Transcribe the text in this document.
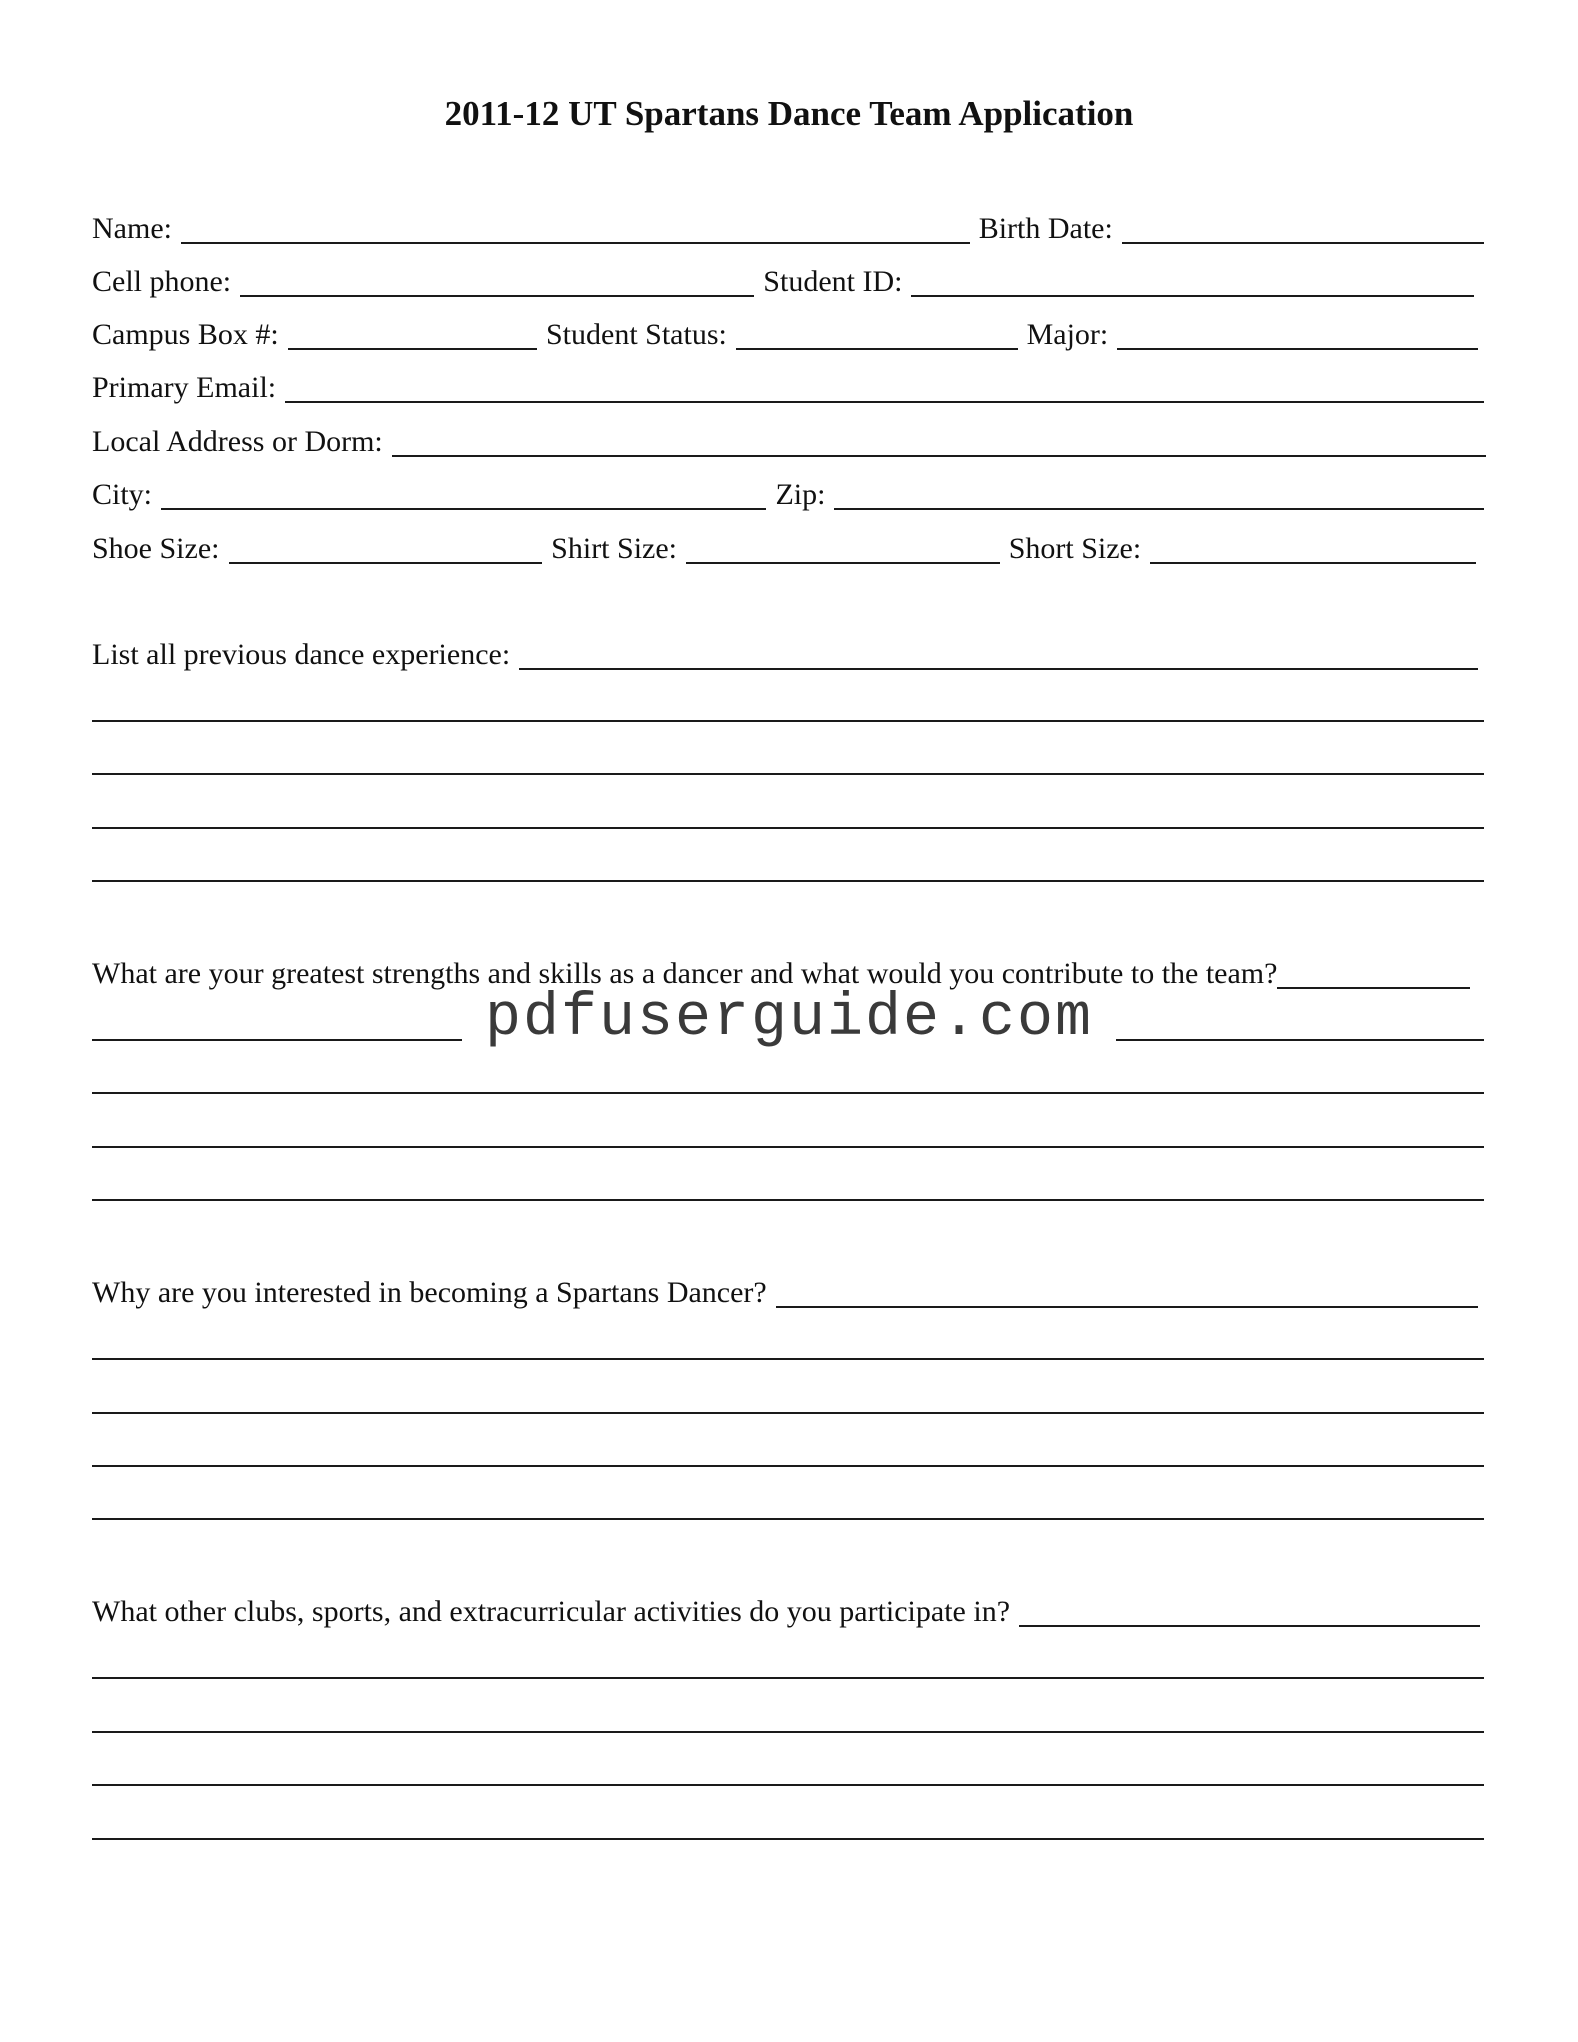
2011-12 UT Spartans Dance Team Application
Name:	Birth Date:
Cell phone:	Student ID:
Campus Box #:	Student Status:	Major:
Primary Email:
Local Address or Dorm:
City:	Zip:
Shoe Size:	Shirt Size:	Short Size:
List all previous dance experience:
What are your greatest strengths and skills as a dancer and what would you contribute to the team?
pdfuserguide.com
Why are you interested in becoming a Spartans Dancer?
What other clubs, sports, and extracurricular activities do you participate in?
